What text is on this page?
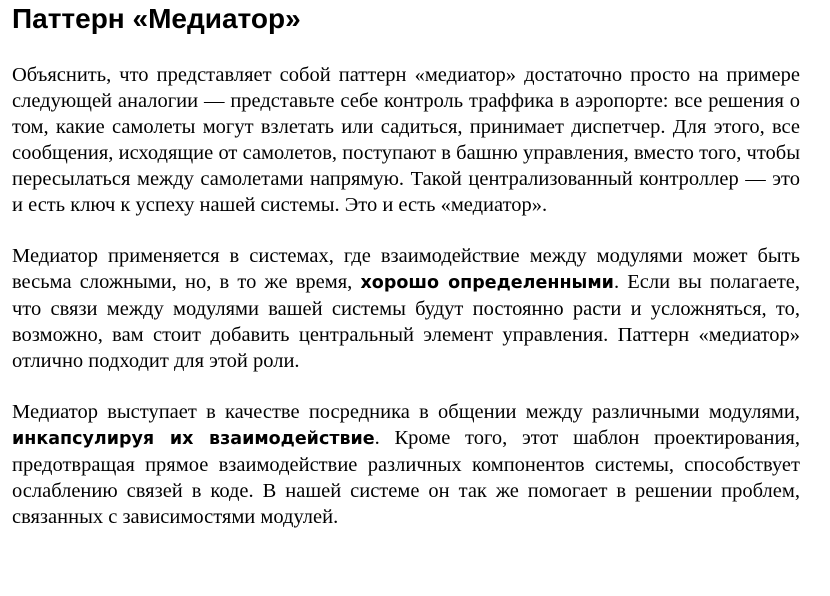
Паттерн «Медиатор»

Объяснить, что представляет собой паттерн «медиатор» достаточно просто на примере следующей аналогии — представьте себе контроль траффика в аэропорте: все решения о том, какие самолеты могут взлетать или садиться, принимает диспетчер. Для этого, все сообщения, исходящие от самолетов, поступают в башню управления, вместо того, чтобы пересылаться между самолетами напрямую. Такой централизованный контроллер — это и есть ключ к успеху нашей системы. Это и есть «медиатор».

Медиатор применяется в системах, где взаимодействие между модулями может быть весьма сложными, но, в то же время, хорошо определенными. Если вы полагаете, что связи между модулями вашей системы будут постоянно расти и усложняться, то, возможно, вам стоит добавить центральный элемент управления. Паттерн «медиатор» отлично подходит для этой роли.

Медиатор выступает в качестве посредника в общении между различными модулями, инкапсулируя их взаимодействие. Кроме того, этот шаблон проектирования, предотвращая прямое взаимодействие различных компонентов системы, способствует ослаблению связей в коде. В нашей системе он так же помогает в решении проблем, связанных с зависимостями модулей.
